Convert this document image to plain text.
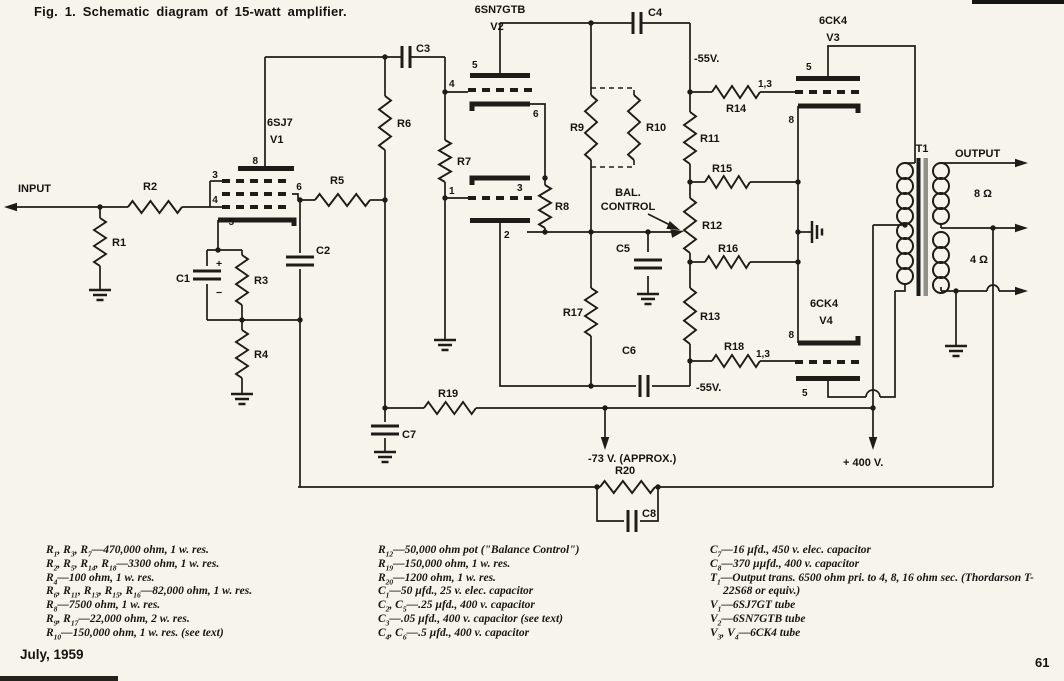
Fig. 1. Schematic diagram of 15-watt amplifier.
INPUT
OUTPUT
8 Ω
4 Ω
T1
6SJ7
V1
6SN7GTB
V2	6CK4
V3
6CK4
V4
R1
R2
R3
R4
R5
R6
R7
R8
R9	R10
R11
R12
R13
R14
R15
R16
R17
R18
R19
R20
C1
C2
C3
C4
C5
C6
C7
C8
-55V.
-55V.
-73 V. (APPROX.)	+ 400 V.
BAL.
CONTROL
+
−
3
4
5
6
8
5
4
6
3
1
2
5
1,3
8
8
1,3
5
$R_1$, $R_3$, $R_7—470,000$ ohm, 1 w. res.
$R_2$, $R_5$, $R_{14}$, $R_{18}—3300$ ohm, 1 w. res.
$R_4—100$ ohm, 1 w. res.
$R_6$, $R_{11}$, $R_{13}$, $R_{15}$, $R_{16}—82,000$ ohm, 1 w. res.
$R_8—7500$ ohm, 1 w. res.
$R_9$, $R_{17}—22,000$ ohm, 2 w. res.
$R_{10}—150,000$ ohm, 1 w. res. (see text)
$R_{12}—50,000$ ohm pot ("Balance Control")
$R_{19}—150,000$ ohm, 1 w. res.
$R_{20}—1200$ ohm, 1 w. res.
$C_1—50$ µfd., 25 v. elec. capacitor
$C_2$, $C_5—.25$ µfd., 400 v. capacitor
$C_3—.05$ µfd., 400 v. capacitor (see text)
$C_4$, $C_6—.5$ µfd., 400 v. capacitor
$C_7—16$ µfd., 450 v. elec. capacitor
$C_8—370$ µµfd., 400 v. capacitor
$T_1—Output$ trans. 6500 ohm pri. to 4, 8, 16 ohm sec. (Thordarson T-22S68 or equiv.)
$V_1—6SJ7GT$ tube
$V_2—6SN7GTB$ tube
$V_3$, $V_4—6CK4$ tube
July, 1959
61
